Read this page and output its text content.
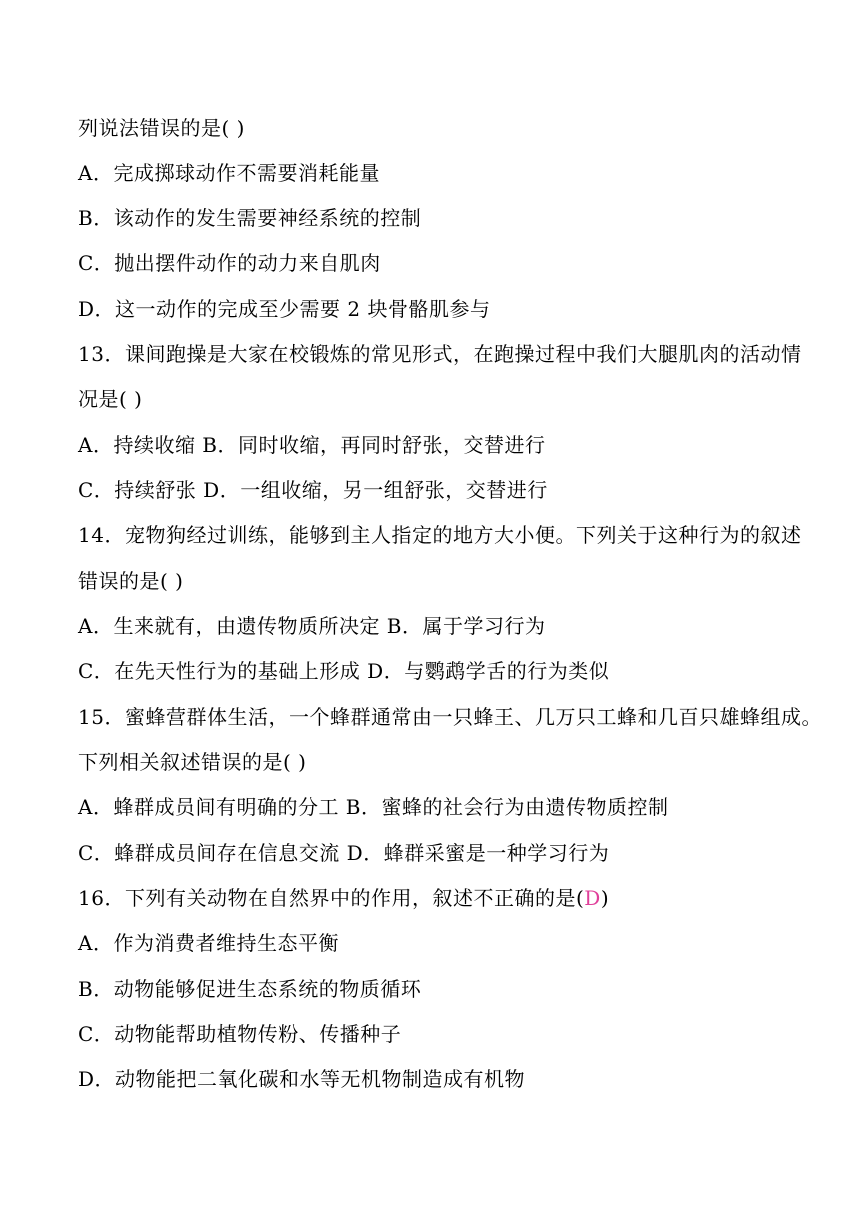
列说法错误的是( )
A．完成掷球动作不需要消耗能量
B．该动作的发生需要神经系统的控制
C．抛出摆件动作的动力来自肌肉
D．这一动作的完成至少需要 2 块骨骼肌参与
13．课间跑操是大家在校锻炼的常见形式，在跑操过程中我们大腿肌肉的活动情
况是( )
A．持续收缩 B．同时收缩，再同时舒张，交替进行
C．持续舒张 D．一组收缩，另一组舒张，交替进行
14．宠物狗经过训练，能够到主人指定的地方大小便。下列关于这种行为的叙述
错误的是( )
A．生来就有，由遗传物质所决定 B．属于学习行为
C．在先天性行为的基础上形成 D．与鹦鹉学舌的行为类似
15．蜜蜂营群体生活，一个蜂群通常由一只蜂王、几万只工蜂和几百只雄蜂组成。
下列相关叙述错误的是( )
A．蜂群成员间有明确的分工 B．蜜蜂的社会行为由遗传物质控制
C．蜂群成员间存在信息交流 D．蜂群采蜜是一种学习行为
16．下列有关动物在自然界中的作用，叙述不正确的是(D)
A．作为消费者维持生态平衡
B．动物能够促进生态系统的物质循环
C．动物能帮助植物传粉、传播种子
D．动物能把二氧化碳和水等无机物制造成有机物
